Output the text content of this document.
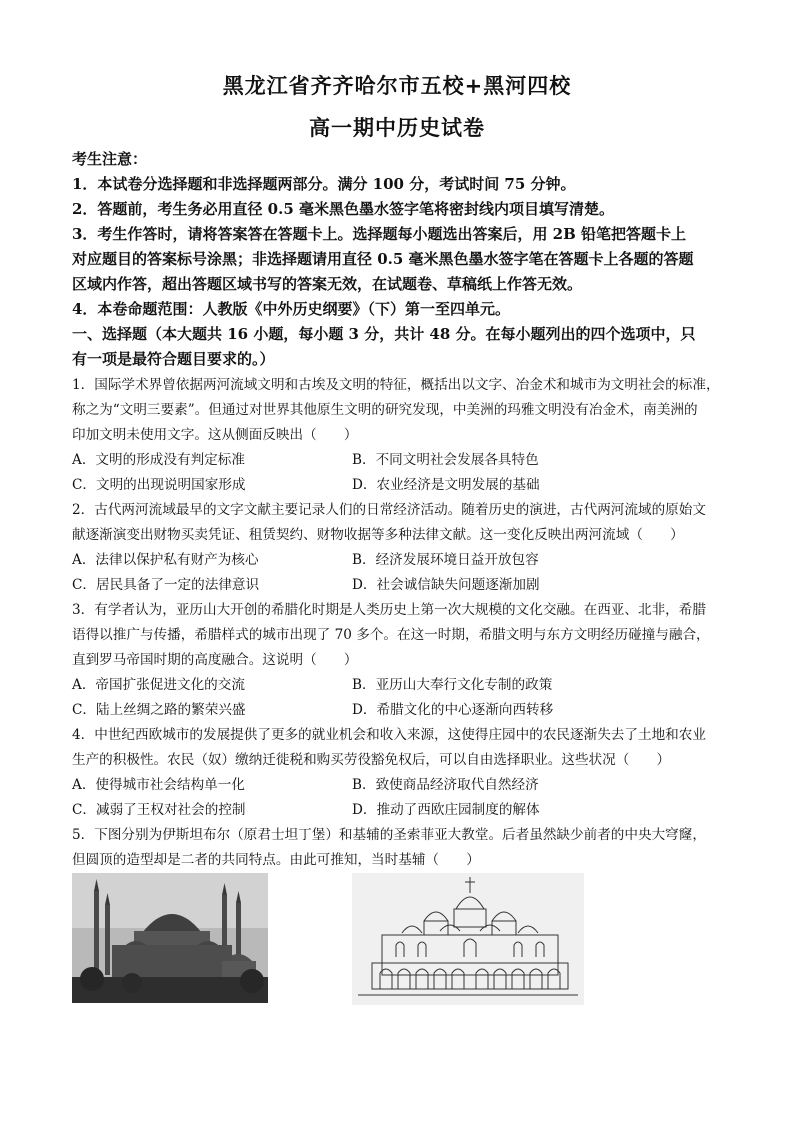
黑龙江省齐齐哈尔市五校+黑河四校
高一期中历史试卷
考生注意：
1．本试卷分选择题和非选择题两部分。满分 100 分，考试时间 75 分钟。
2．答题前，考生务必用直径 0.5 毫米黑色墨水签字笔将密封线内项目填写清楚。
3．考生作答时，请将答案答在答题卡上。选择题每小题选出答案后，用 2B 铅笔把答题卡上
对应题目的答案标号涂黑；非选择题请用直径 0.5 毫米黑色墨水签字笔在答题卡上各题的答题
区域内作答，超出答题区域书写的答案无效，在试题卷、草稿纸上作答无效。
4．本卷命题范围：人教版《中外历史纲要》（下）第一至四单元。
一、选择题（本大题共 16 小题，每小题 3 分，共计 48 分。在每小题列出的四个选项中，只
有一项是最符合题目要求的。）
1．国际学术界曾依据两河流域文明和古埃及文明的特征，概括出以文字、冶金术和城市为文明社会的标准，
称之为“文明三要素”。但通过对世界其他原生文明的研究发现，中美洲的玛雅文明没有冶金术，南美洲的
印加文明未使用文字。这从侧面反映出（　　）
A．文明的形成没有判定标准	B．不同文明社会发展各具特色
C．文明的出现说明国家形成	D．农业经济是文明发展的基础
2．古代两河流域最早的文字文献主要记录人们的日常经济活动。随着历史的演进，古代两河流域的原始文
献逐渐演变出财物买卖凭证、租赁契约、财物收据等多种法律文献。这一变化反映出两河流域（　　）
A．法律以保护私有财产为核心	B．经济发展环境日益开放包容
C．居民具备了一定的法律意识	D．社会诚信缺失问题逐渐加剧
3．有学者认为，亚历山大开创的希腊化时期是人类历史上第一次大规模的文化交融。在西亚、北非，希腊
语得以推广与传播，希腊样式的城市出现了 70 多个。在这一时期，希腊文明与东方文明经历碰撞与融合，
直到罗马帝国时期的高度融合。这说明（　　）
A．帝国扩张促进文化的交流	B．亚历山大奉行文化专制的政策
C．陆上丝绸之路的繁荣兴盛	D．希腊文化的中心逐渐向西转移
4．中世纪西欧城市的发展提供了更多的就业机会和收入来源，这使得庄园中的农民逐渐失去了土地和农业
生产的积极性。农民（奴）缴纳迁徙税和购买劳役豁免权后，可以自由选择职业。这些状况（　　）
A．使得城市社会结构单一化	B．致使商品经济取代自然经济
C．减弱了王权对社会的控制	D．推动了西欧庄园制度的解体
5．下图分别为伊斯坦布尔（原君士坦丁堡）和基辅的圣索菲亚大教堂。后者虽然缺少前者的中央大穹窿，
但圆顶的造型却是二者的共同特点。由此可推知，当时基辅（　　）
